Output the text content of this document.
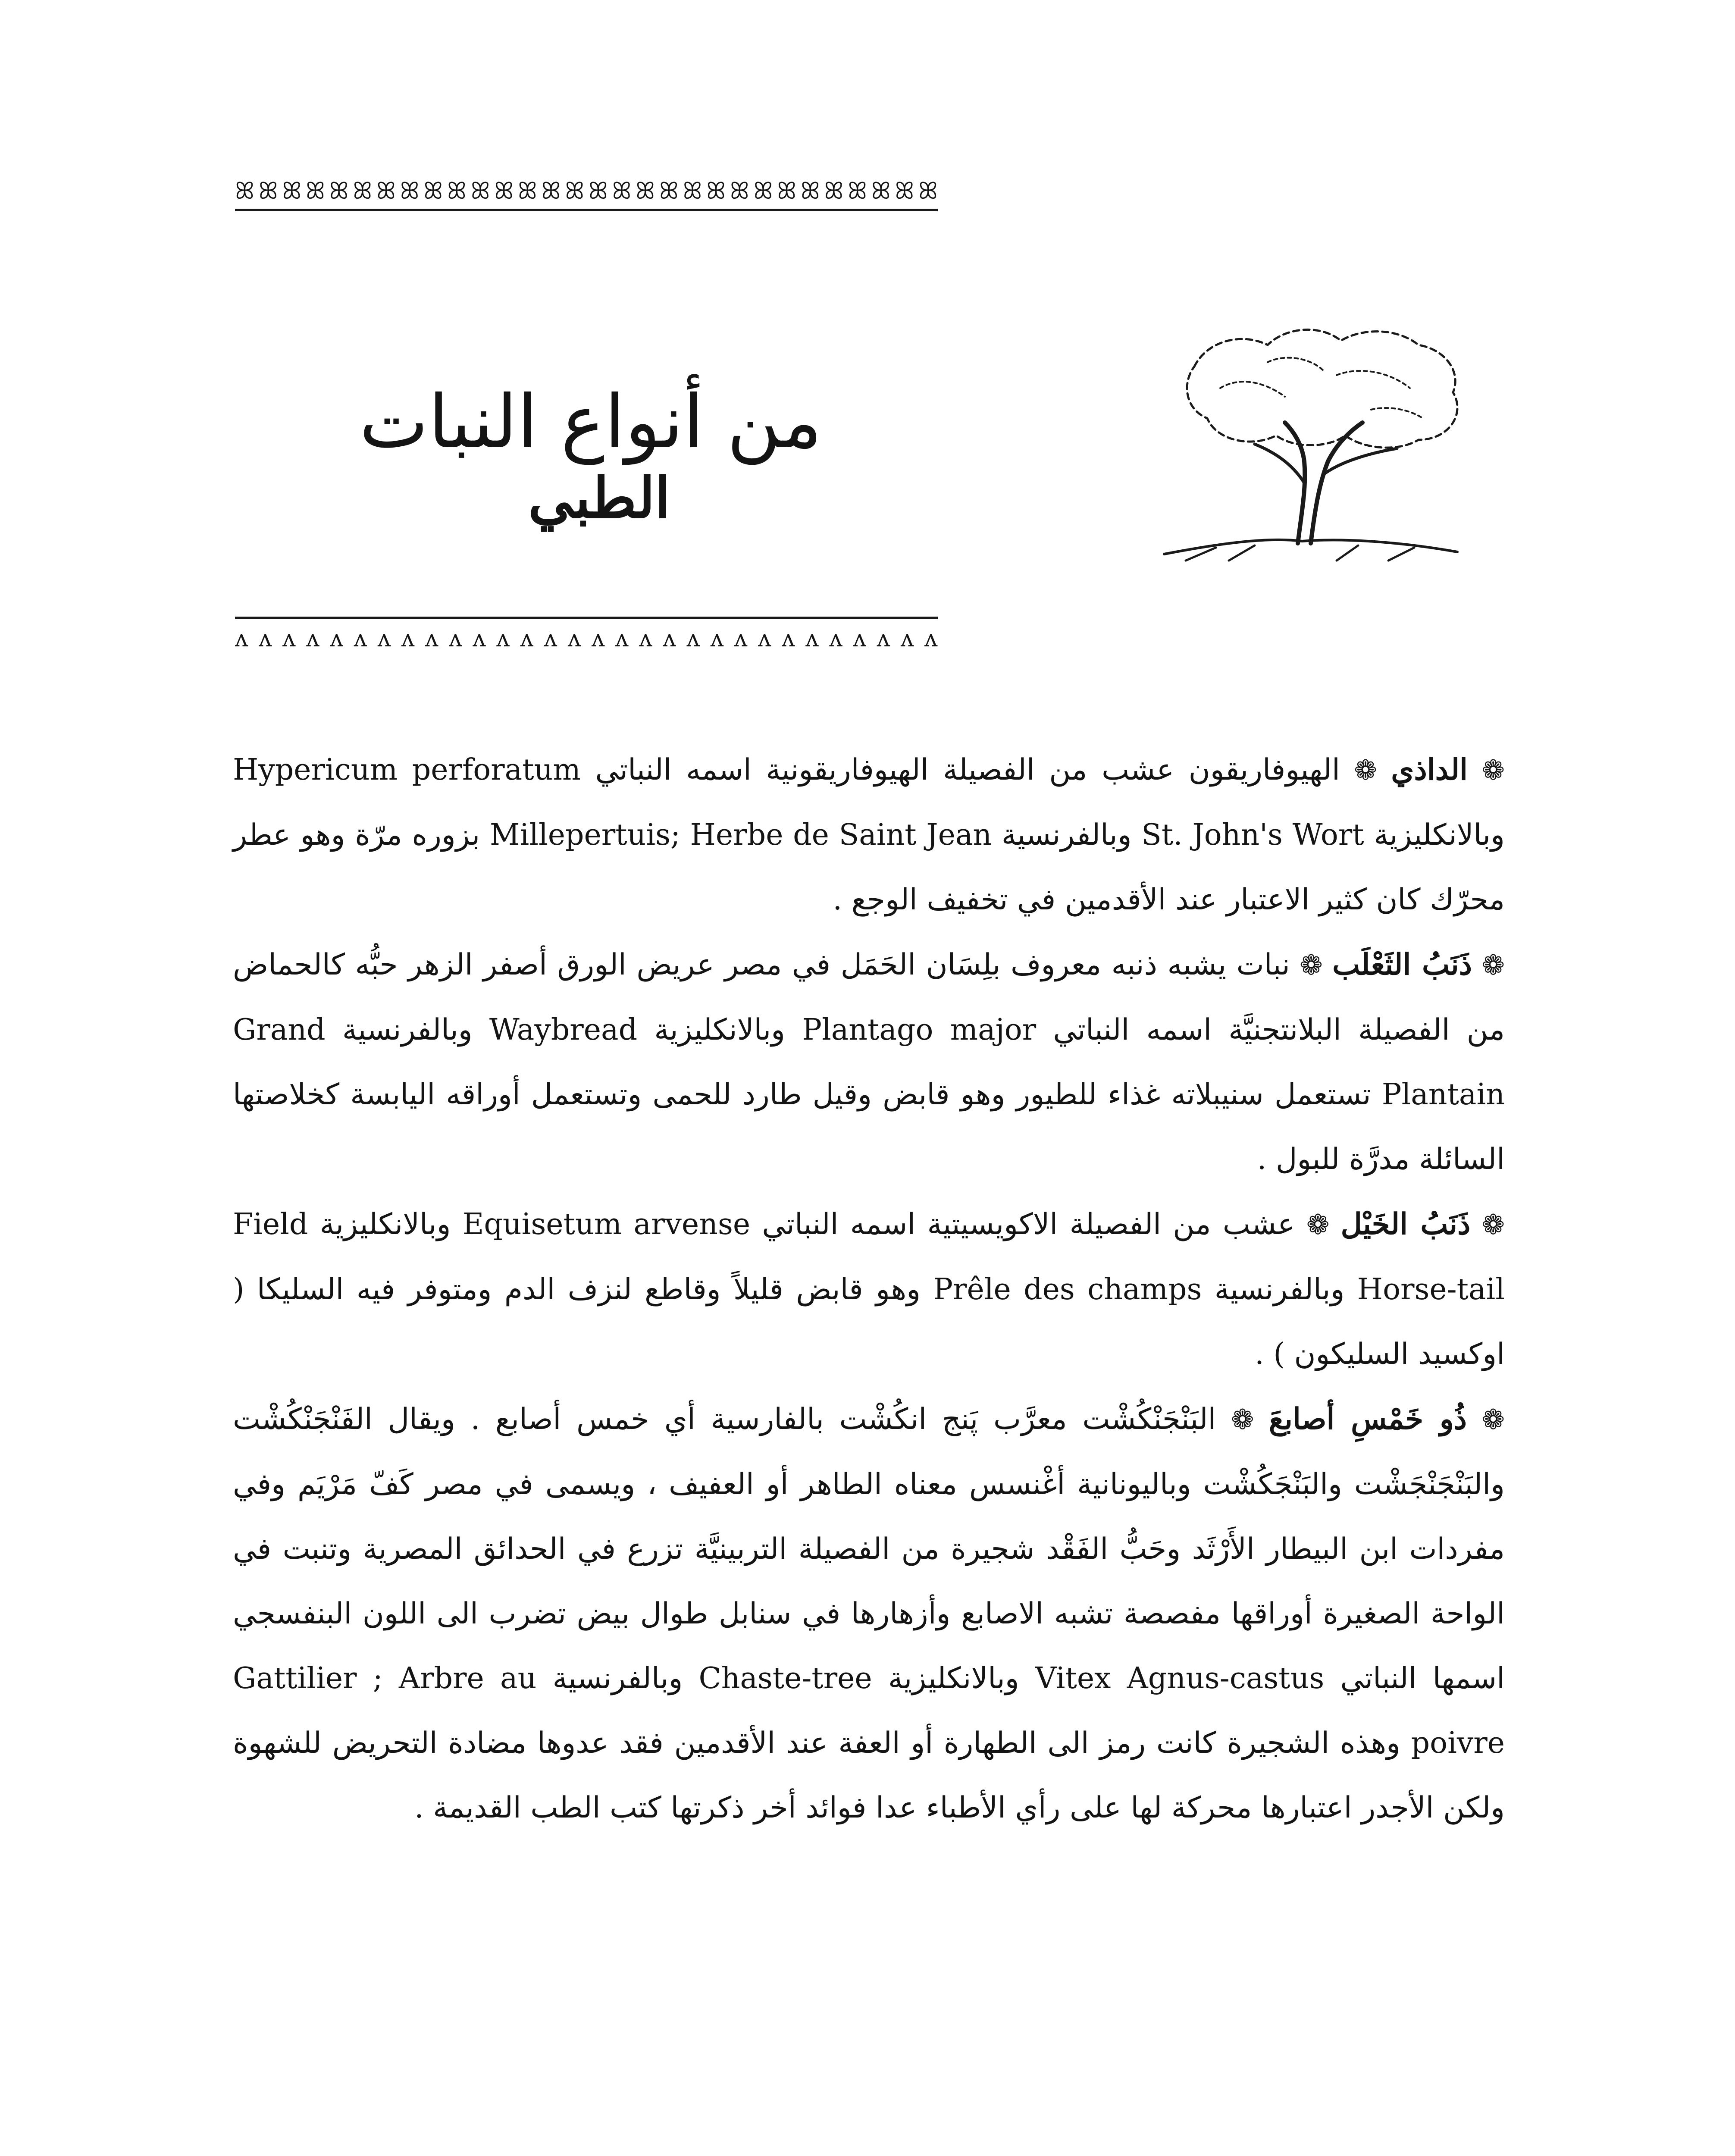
ꕤ ꕤ ꕤ ꕤ ꕤ ꕤ ꕤ ꕤ ꕤ ꕤ ꕤ ꕤ ꕤ ꕤ ꕤ ꕤ ꕤ ꕤ ꕤ ꕤ ꕤ ꕤ ꕤ ꕤ ꕤ ꕤ ꕤ ꕤ ꕤ ꕤ
من أنواع النبات
الطبي
ᴧ ᴧ ᴧ ᴧ ᴧ ᴧ ᴧ ᴧ ᴧ ᴧ ᴧ ᴧ ᴧ ᴧ ᴧ ᴧ ᴧ ᴧ ᴧ ᴧ ᴧ ᴧ ᴧ ᴧ ᴧ ᴧ ᴧ ᴧ ᴧ ᴧ

❁ الداذي ❁ الهيوفاريقون عشب من الفصيلة الهيوفاريقونية اسمه النباتي Hypericum perforatum وبالانكليزية St. John's Wort وبالفرنسية Millepertuis; Herbe de Saint Jean بزوره مرّة وهو عطر محرّك كان كثير الاعتبار عند الأقدمين في تخفيف الوجع .

❁ ذَنَبُ الثَعْلَب ❁ نبات يشبه ذنبه معروف بلِسَان الحَمَل في مصر عريض الورق أصفر الزهر حبُّه كالحماض من الفصيلة البلانتجنيَّة اسمه النباتي Plantago major وبالانكليزية Waybread وبالفرنسية Grand Plantain تستعمل سنيبلاته غذاء للطيور وهو قابض وقيل طارد للحمى وتستعمل أوراقه اليابسة كخلاصتها السائلة مدرَّة للبول .

❁ ذَنَبُ الخَيْل ❁ عشب من الفصيلة الاكويسيتية اسمه النباتي Equisetum arvense وبالانكليزية Field Horse-tail وبالفرنسية Prêle des champs وهو قابض قليلاً وقاطع لنزف الدم ومتوفر فيه السليكا ( اوكسيد السليكون ) .

❁ ذُو خَمْسِ أصابعَ ❁ البَنْجَنْكُشْت معرَّب پَنج انكُشْت بالفارسية أي خمس أصابع . ويقال الفَنْجَنْكُشْت والبَنْجَنْجَشْت والبَنْجَكُشْت وباليونانية أغْنسس معناه الطاهر أو العفيف ، ويسمى في مصر كَفّ مَرْيَم وفي مفردات ابن البيطار الأَرْثَد وحَبُّ الفَقْد شجيرة من الفصيلة التربينيَّة تزرع في الحدائق المصرية وتنبت في الواحة الصغيرة أوراقها مفصصة تشبه الاصابع وأزهارها في سنابل طوال بيض تضرب الى اللون البنفسجي اسمها النباتي Vitex Agnus-castus وبالانكليزية Chaste-tree وبالفرنسية Gattilier ; Arbre au poivre وهذه الشجيرة كانت رمز الى الطهارة أو العفة عند الأقدمين فقد عدوها مضادة التحريض للشهوة ولكن الأجدر اعتبارها محركة لها على رأي الأطباء عدا فوائد أخر ذكرتها كتب الطب القديمة .
